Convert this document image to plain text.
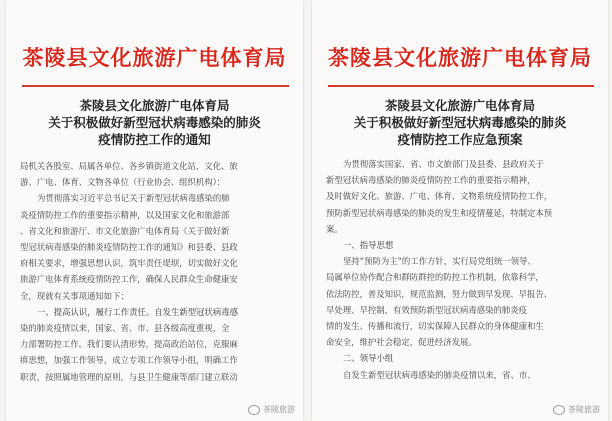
茶陵县文化旅游广电体育局
茶陵县文化旅游广电体育局
关于积极做好新型冠状病毒感染的肺炎
疫情防控工作的通知

局机关各股室、局属各单位、各乡镇街道文化站，文化、旅

游、广电、体育、文物各单位（行业协会、组织机构）：

为贯彻落实习近平总书记关于新型冠状病毒感染的肺

炎疫情防控工作的重要指示精神，以及国家文化和旅游部

、省文化和旅游厅、市文化旅游广电体育局《关于做好新

型冠状病毒感染的肺炎疫情防控工作的通知》和县委、县政

府相关要求，增强思想认识，筑牢责任堤坝，切实做好文化

旅游广电体育系统疫情防控工作，确保人民群众生命健康安

全，现就有关事项通知如下：

一、提高认识，履行工作责任。自发生新型冠状病毒感

染的肺炎疫情以来，国家、省、市、县各级高度重视，全

力部署防控工作。我们要认清形势，提高政治站位，克服麻

痹思想，加强工作领导，成立专项工作领导小组，明确工作

职责，按照属地管理的原则，与县卫生健康等部门建立联动

茶陵旅游
茶陵县文化旅游广电体育局
茶陵县文化旅游广电体育局
关于积极做好新型冠状病毒感染的肺炎
疫情防控工作应急预案

为贯彻落实国家、省、市文旅部门及县委、县政府关于

新型冠状病毒感染的肺炎疫情防控工作的重要指示精神，

及时做好文化、旅游、广电、体育、文物系统疫情防控工作，

预防新型冠状病毒感染的肺炎的发生和疫情蔓延，特制定本预

案。

一、指导思想

坚持“预防为主”的工作方针，实行局党组统一领导、

局属单位协作配合和群防群控的防控工作机制，依靠科学，

依法防控，普及知识，规范监测，努力做到早发现、早报告、

早处理、早控制，有效预防新型冠状病毒感染的肺炎疫

情的发生、传播和流行，切实保障人民群众的身体健康和生

命安全，维护社会稳定，促进经济发展。

二、领导小组

自发生新型冠状病毒感染的肺炎疫情以来，省、市、

茶陵旅游
